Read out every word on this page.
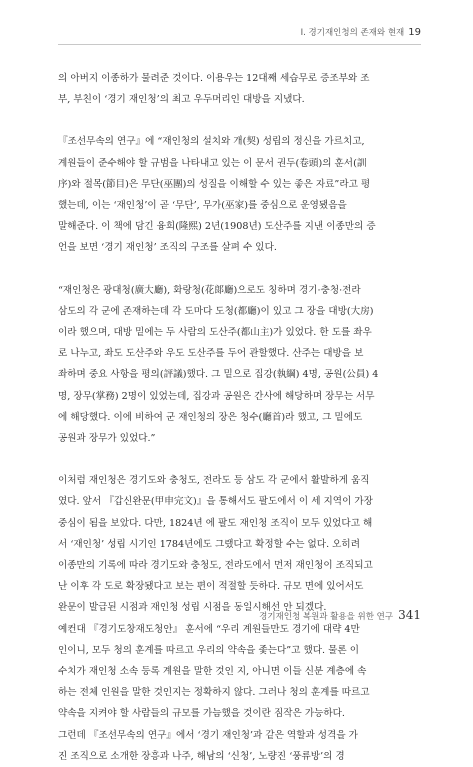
Ⅰ. 경기재인청의 존재와 현재 19

의 아버지 이종하가 물려준 것이다. 이용우는 12대째 세습무로 증조부와 조

부, 부친이 ‘경기 재인청’의 최고 우두머리인 대방을 지냈다.

『조선무속의 연구』에 “재인청의 설치와 개(契) 성립의 정신을 가르치고,

계원들이 준수해야 할 규범을 나타내고 있는 이 문서 권두(卷頭)의 훈서(訓

序)와 절목(節目)은 무단(巫團)의 성질을 이해할 수 있는 좋은 자료”라고 평

했는데, 이는 ‘재인청’이 곧 ‘무단’, 무가(巫家)를 중심으로 운영됐음을

말해준다. 이 책에 담긴 융희(隆熙) 2년(1908년) 도산주를 지낸 이종만의 증

언을 보면 ‘경기 재인청’ 조직의 구조를 살펴 수 있다.

“재인청은 광대청(廣大廳), 화랑청(花郞廳)으로도 칭하며 경기·충청·전라

삼도의 각 군에 존재하는데 각 도마다 도청(都廳)이 있고 그 장을 대방(大房)

이라 했으며, 대방 밑에는 두 사람의 도산주(都山主)가 있었다. 한 도를 좌우

로 나누고, 좌도 도산주와 우도 도산주를 두어 관할했다. 산주는 대방을 보

좌하며 중요 사항을 평의(評議)했다. 그 밑으로 집강(執綱) 4명, 공원(公員) 4

명, 장무(掌務) 2명이 있었는데, 집강과 공원은 간사에 해당하며 장무는 서무

에 해당했다. 이에 비하여 군 재인청의 장은 청수(廳首)라 했고, 그 밑에도

공원과 장무가 있었다.”

이처럼 재인청은 경기도와 충청도, 전라도 등 삼도 각 군에서 활발하게 움직

였다. 앞서 『갑신완문(甲申完文)』을 통해서도 팔도에서 이 세 지역이 가장

중심이 됨을 보았다. 다만, 1824년 에 팔도 재인청 조직이 모두 있었다고 해

서 ‘재인청’ 성립 시기인 1784년에도 그랬다고 확정할 수는 없다. 오히려

이종만의 기록에 따라 경기도와 충청도, 전라도에서 먼저 재인청이 조직되고

난 이후 각 도로 확장됐다고 보는 편이 적절할 듯하다. 규모 면에 있어서도

완문이 발급된 시점과 재인청 성립 시점을 동일시해선 안 되겠다.

예컨대 『경기도창재도청안』 훈서에 “우리 계원들만도 경기에 대략 4만

인이니, 모두 청의 훈계를 따르고 우리의 약속을 좇는다”고 했다. 물론 이

수치가 재인청 소속 등록 계원을 말한 것인 지, 아니면 이들 신분 계층에 속

하는 전체 인원을 말한 것인지는 정확하지 않다. 그러나 청의 훈계를 따르고

약속을 지켜야 할 사람들의 규모를 가늠했을 것이란 짐작은 가능하다.

그런데 『조선무속의 연구』에서 ‘경기 재인청’과 같은 역할과 성격을 가

진 조직으로 소개한 장흥과 나주, 해남의 ‘신청’, 노량진 ‘풍류방’의 경

경기재인청 복원과 활용을 위한 연구 341
